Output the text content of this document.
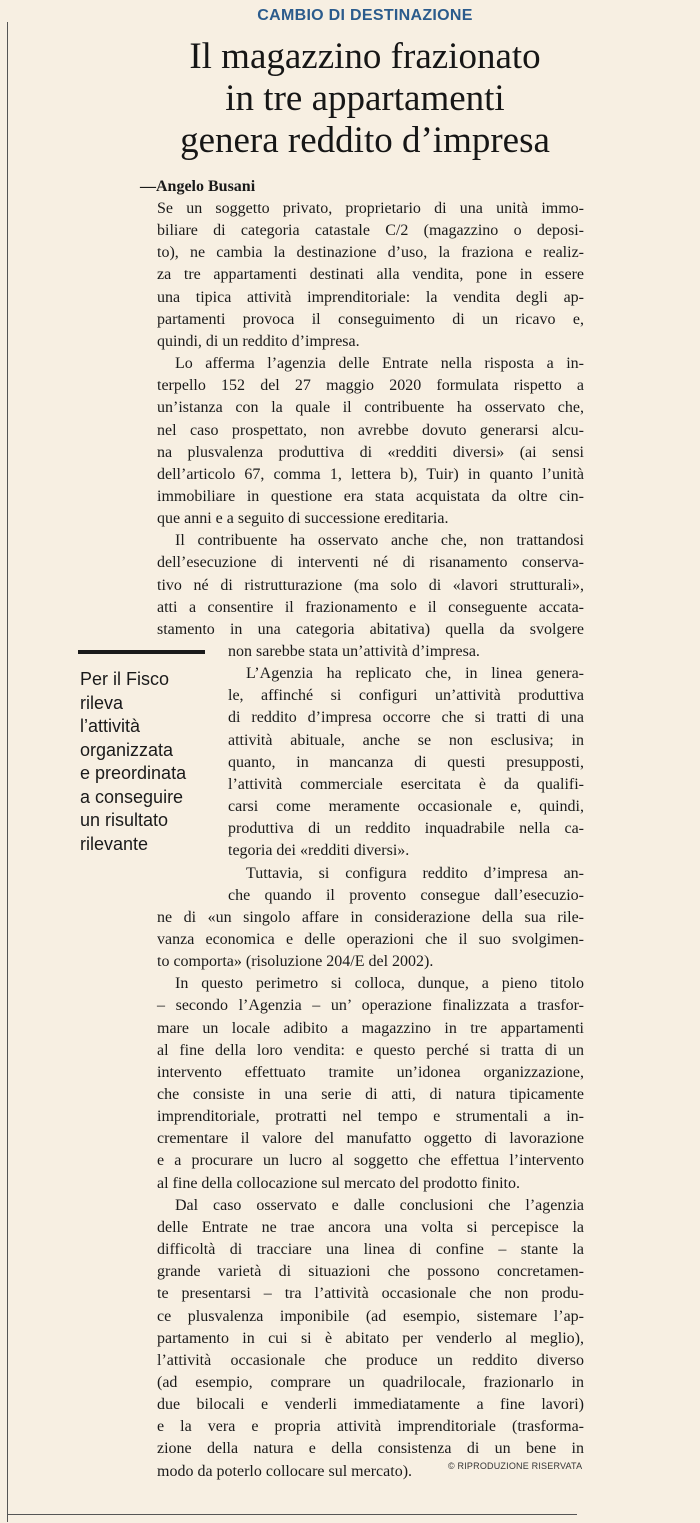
CAMBIO DI DESTINAZIONE
Il magazzino frazionato
in tre appartamenti
genera reddito d’impresa
—Angelo Busani
Se un soggetto privato, proprietario di una unità immo-
biliare di categoria catastale C/2 (magazzino o deposi-
to), ne cambia la destinazione d’uso, la fraziona e realiz-
za tre appartamenti destinati alla vendita, pone in essere
una tipica attività imprenditoriale: la vendita degli ap-
partamenti provoca il conseguimento di un ricavo e,
quindi, di un reddito d’impresa.
Lo afferma l’agenzia delle Entrate nella risposta a in-
terpello 152 del 27 maggio 2020 formulata rispetto a
un’istanza con la quale il contribuente ha osservato che,
nel caso prospettato, non avrebbe dovuto generarsi alcu-
na plusvalenza produttiva di «redditi diversi» (ai sensi
dell’articolo 67, comma 1, lettera b), Tuir) in quanto l’unità
immobiliare in questione era stata acquistata da oltre cin-
que anni e a seguito di successione ereditaria.
Il contribuente ha osservato anche che, non trattandosi
dell’esecuzione di interventi né di risanamento conserva-
tivo né di ristrutturazione (ma solo di «lavori strutturali»,
atti a consentire il frazionamento e il conseguente accata-
stamento in una categoria abitativa) quella da svolgere
non sarebbe stata un’attività d’impresa.
L’Agenzia ha replicato che, in linea genera-
le, affinché si configuri un’attività produttiva
di reddito d’impresa occorre che si tratti di una
attività abituale, anche se non esclusiva; in
quanto, in mancanza di questi presupposti,
l’attività commerciale esercitata è da qualifi-
carsi come meramente occasionale e, quindi,
produttiva di un reddito inquadrabile nella ca-
tegoria dei «redditi diversi».
Tuttavia, si configura reddito d’impresa an-
che quando il provento consegue dall’esecuzio-
ne di «un singolo affare in considerazione della sua rile-
vanza economica e delle operazioni che il suo svolgimen-
to comporta» (risoluzione 204/E del 2002).
In questo perimetro si colloca, dunque, a pieno titolo
– secondo l’Agenzia – un’ operazione finalizzata a trasfor-
mare un locale adibito a magazzino in tre appartamenti
al fine della loro vendita: e questo perché si tratta di un
intervento effettuato tramite un’idonea organizzazione,
che consiste in una serie di atti, di natura tipicamente
imprenditoriale, protratti nel tempo e strumentali a in-
crementare il valore del manufatto oggetto di lavorazione
e a procurare un lucro al soggetto che effettua l’intervento
al fine della collocazione sul mercato del prodotto finito.
Dal caso osservato e dalle conclusioni che l’agenzia
delle Entrate ne trae ancora una volta si percepisce la
difficoltà di tracciare una linea di confine – stante la
grande varietà di situazioni che possono concretamen-
te presentarsi – tra l’attività occasionale che non produ-
ce plusvalenza imponibile (ad esempio, sistemare l’ap-
partamento in cui si è abitato per venderlo al meglio),
l’attività occasionale che produce un reddito diverso
(ad esempio, comprare un quadrilocale, frazionarlo in
due bilocali e venderli immediatamente a fine lavori)
e la vera e propria attività imprenditoriale (trasforma-
zione della natura e della consistenza di un bene in
modo da poterlo collocare sul mercato).
Per il Fisco
rileva
l’attività
organizzata
e preordinata
a conseguire
un risultato
rilevante
© RIPRODUZIONE RISERVATA
